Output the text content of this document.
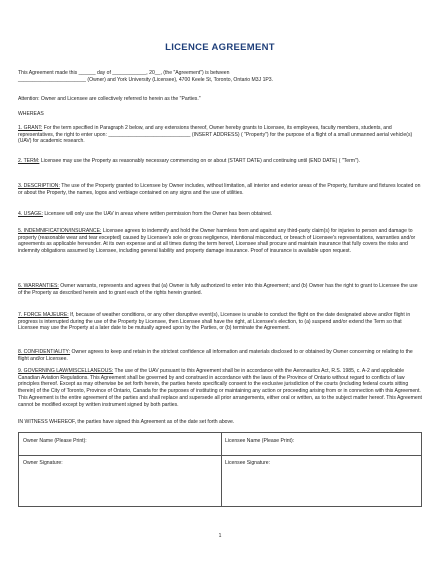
LICENCE AGREEMENT
This Agreement made this ______ day of ____________, 20__, (the "Agreement") is between
________________________ (Owner) and York University (Licensee), 4700 Keele St, Toronto, Ontario M3J 1P3.
Attention: Owner and Licensee are collectively referred to herein as the "Parties."
WHEREAS
1. GRANT: For the term specified in Paragraph 2 below, and any extensions thereof, Owner hereby grants to Licensee, its employees, faculty members, students, and representatives, the right to enter upon: _____________________________ (INSERT ADDRESS) ( "Property") for the purpose of a flight of a small unmanned aerial vehicle(s) (UAV) for academic research.
2. TERM: Licensee may use the Property as reasonably necessary commencing on or about (START DATE) and continuing until (END DATE) ( "Term").
3. DESCRIPTION: The use of the Property granted to Licensee by Owner includes, without limitation, all interior and exterior areas of the Property, furniture and fixtures located on or about the Property, the names, logos and verbiage contained on any signs and the use of utilities.
4. USAGE: Licensee will only use the UAV in areas where written permission from the Owner has been obtained.
5. INDEMNIFICATION/INSURANCE: Licensee agrees to indemnify and hold the Owner harmless from and against any third-party claim(s) for injuries to person and damage to property (reasonable wear and tear excepted) caused by Licensee's sole or gross negligence, intentional misconduct, or breach of Licensee's representations, warranties and/or agreements as applicable hereunder. At its own expense and at all times during the term hereof, Licensee shall procure and maintain insurance that fully covers the risks and indemnity obligations assumed by Licensee, including general liability and property damage insurance. Proof of insurance is available upon request.
6. WARRANTIES: Owner warrants, represents and agrees that (a) Owner is fully authorized to enter into this Agreement; and (b) Owner has the right to grant to Licensee the use of the Property as described herein and to grant each of the rights herein granted.
7. FORCE MAJEURE: If, because of weather conditions, or any other disruptive event(s), Licensee is unable to conduct the flight on the date designated above and/or flight in progress is interrupted during the use of the Property by Licensee, then Licensee shall have the right, at Licensee's election, to (a) suspend and/or extend the Term so that Licensee may use the Property at a later date to be mutually agreed upon by the Parties, or (b) terminate the Agreement.
8. CONFIDENTIALITY: Owner agrees to keep and retain in the strictest confidence all information and materials disclosed to or obtained by Owner concerning or relating to the flight and/or Licensee.
9. GOVERNING LAW/MISCELLANEOUS: The use of the UAV pursuant to this Agreement shall be in accordance with the Aeronautics Act, R.S. 1985, c. A-2 and applicable Canadian Aviation Regulations. This Agreement shall be governed by and construed in accordance with the laws of the Province of Ontario without regard to conflicts of law principles thereof. Except as may otherwise be set forth herein, the parties hereto specifically consent to the exclusive jurisdiction of the courts (including federal courts sitting therein) of the City of Toronto, Province of Ontario, Canada for the purposes of instituting or maintaining any action or proceeding arising from or in connection with this Agreement. This Agreement is the entire agreement of the parties and shall replace and supersede all prior arrangements, either oral or written, as to the subject matter hereof. This Agreement cannot be modified except by written instrument signed by both parties.
IN WITNESS WHEREOF, the parties have signed this Agreement as of the date set forth above.
Owner Name (Please Print):	Licensee Name (Please Print):
Owner Signature:	Licensee Signature:
1
